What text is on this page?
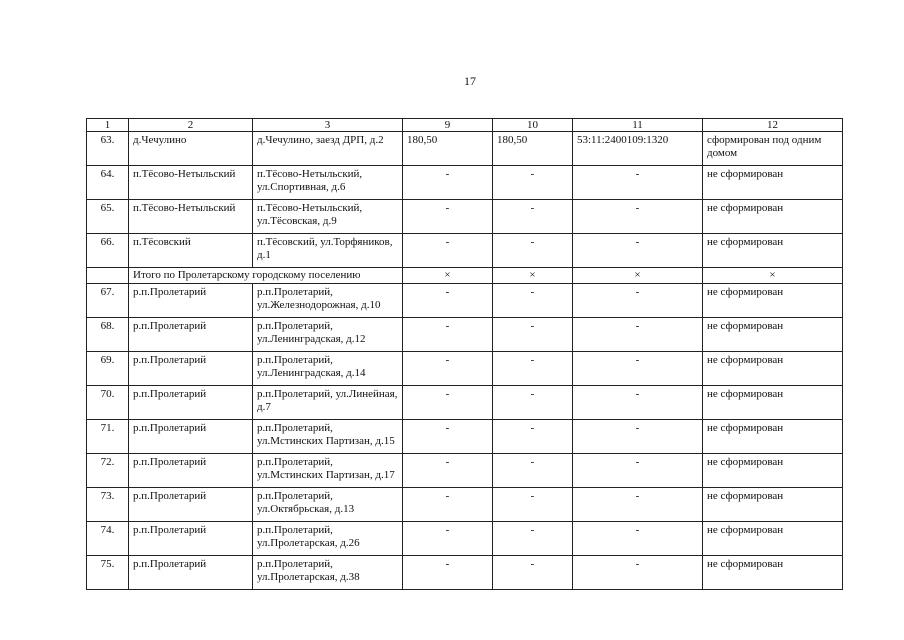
17
1	2	3	9	10	11	12
63.	д.Чечулино	д.Чечулино, заезд ДРП, д.2	180,50	180,50	53:11:2400109:1320	сформирован под одним домом
64.	п.Тёсово-Нетыльский	п.Тёсово-Нетыльский, ул.Спортивная, д.6	-	-	-	не сформирован
65.	п.Тёсово-Нетыльский	п.Тёсово-Нетыльский, ул.Тёсовская, д.9	-	-	-	не сформирован
66.	п.Тёсовский	п.Тёсовский, ул.Торфяников, д.1	-	-	-	не сформирован
	Итого по Пролетарскому городскому поселению		×	×	×	×
67.	р.п.Пролетарий	р.п.Пролетарий, ул.Железнодорожная, д.10	-	-	-	не сформирован
68.	р.п.Пролетарий	р.п.Пролетарий, ул.Ленинградская, д.12	-	-	-	не сформирован
69.	р.п.Пролетарий	р.п.Пролетарий, ул.Ленинградская, д.14	-	-	-	не сформирован
70.	р.п.Пролетарий	р.п.Пролетарий, ул.Линейная, д.7	-	-	-	не сформирован
71.	р.п.Пролетарий	р.п.Пролетарий, ул.Мстинских Партизан, д.15	-	-	-	не сформирован
72.	р.п.Пролетарий	р.п.Пролетарий, ул.Мстинских Партизан, д.17	-	-	-	не сформирован
73.	р.п.Пролетарий	р.п.Пролетарий, ул.Октябрьская, д.13	-	-	-	не сформирован
74.	р.п.Пролетарий	р.п.Пролетарий, ул.Пролетарская, д.26	-	-	-	не сформирован
75.	р.п.Пролетарий	р.п.Пролетарий, ул.Пролетарская, д.38	-	-	-	не сформирован
